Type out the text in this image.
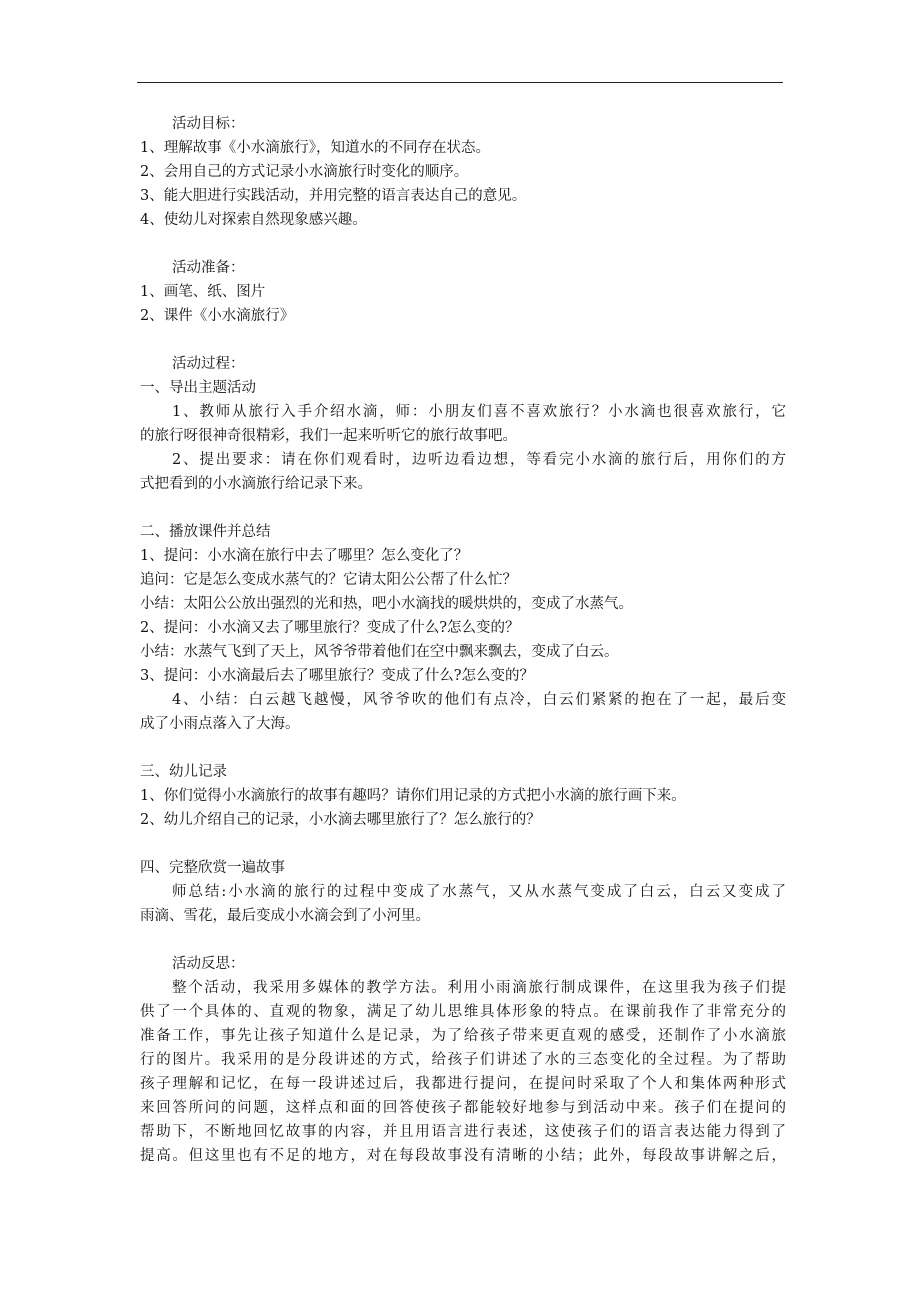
活动目标：
1、理解故事《小水滴旅行》，知道水的不同存在状态。
2、会用自己的方式记录小水滴旅行时变化的顺序。
3、能大胆进行实践活动，并用完整的语言表达自己的意见。
4、使幼儿对探索自然现象感兴趣。
活动准备：
1、画笔、纸、图片
2、课件《小水滴旅行》
活动过程：
一、导出主题活动
1、教师从旅行入手介绍水滴，师：小朋友们喜不喜欢旅行？小水滴也很喜欢旅行，它
的旅行呀很神奇很精彩，我们一起来听听它的旅行故事吧。
2、提出要求：请在你们观看时，边听边看边想，等看完小水滴的旅行后，用你们的方
式把看到的小水滴旅行给记录下来。
二、播放课件并总结
1、提问：小水滴在旅行中去了哪里？怎么变化了？
追问：它是怎么变成水蒸气的？它请太阳公公帮了什么忙？
小结：太阳公公放出强烈的光和热，吧小水滴找的暖烘烘的，变成了水蒸气。
2、提问：小水滴又去了哪里旅行？变成了什么?怎么变的？
小结：水蒸气飞到了天上，风爷爷带着他们在空中飘来飘去，变成了白云。
3、提问：小水滴最后去了哪里旅行？变成了什么?怎么变的？
4、小结：白云越飞越慢，风爷爷吹的他们有点冷，白云们紧紧的抱在了一起，最后变
成了小雨点落入了大海。
三、幼儿记录
1、你们觉得小水滴旅行的故事有趣吗？请你们用记录的方式把小水滴的旅行画下来。
2、幼儿介绍自己的记录，小水滴去哪里旅行了？怎么旅行的？
四、完整欣赏一遍故事
师总结:小水滴的旅行的过程中变成了水蒸气，又从水蒸气变成了白云，白云又变成了
雨滴、雪花，最后变成小水滴会到了小河里。
活动反思：
整个活动，我采用多媒体的教学方法。利用小雨滴旅行制成课件，在这里我为孩子们提
供了一个具体的、直观的物象，满足了幼儿思维具体形象的特点。在课前我作了非常充分的
准备工作，事先让孩子知道什么是记录，为了给孩子带来更直观的感受，还制作了小水滴旅
行的图片。我采用的是分段讲述的方式，给孩子们讲述了水的三态变化的全过程。为了帮助
孩子理解和记忆，在每一段讲述过后，我都进行提问，在提问时采取了个人和集体两种形式
来回答所问的问题，这样点和面的回答使孩子都能较好地参与到活动中来。孩子们在提问的
帮助下，不断地回忆故事的内容，并且用语言进行表述，这使孩子们的语言表达能力得到了
提高。但这里也有不足的地方，对在每段故事没有清晰的小结；此外，每段故事讲解之后，
